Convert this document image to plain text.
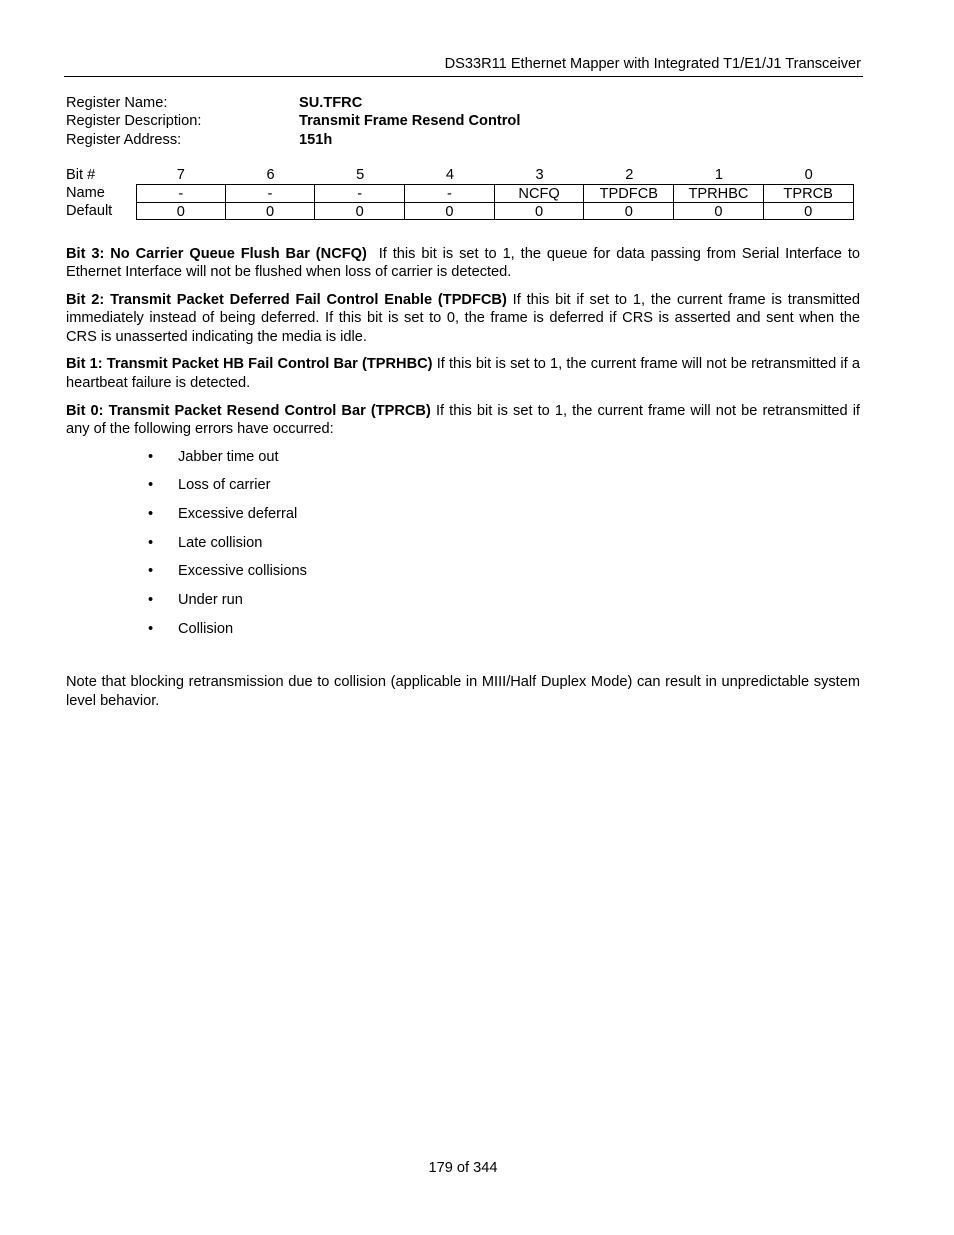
DS33R11 Ethernet Mapper with Integrated T1/E1/J1 Transceiver
Register Name:	SU.TFRC
Register Description:	Transmit Frame Resend Control
Register Address:	151h
Bit #	7	6	5	4	3	2	1	0
Name	-	-	-	-	NCFQ	TPDFCB	TPRHBC	TPRCB
Default	0	0	0	0	0	0	0	0

Bit 3: No Carrier Queue Flush Bar (NCFQ) If this bit is set to 1, the queue for data passing from Serial Interface to Ethernet Interface will not be flushed when loss of carrier is detected.

Bit 2: Transmit Packet Deferred Fail Control Enable (TPDFCB) If this bit if set to 1, the current frame is transmitted immediately instead of being deferred. If this bit is set to 0, the frame is deferred if CRS is asserted and sent when the CRS is unasserted indicating the media is idle.

Bit 1: Transmit Packet HB Fail Control Bar (TPRHBC) If this bit is set to 1, the current frame will not be retransmitted if a heartbeat failure is detected.

Bit 0: Transmit Packet Resend Control Bar (TPRCB) If this bit is set to 1, the current frame will not be retransmitted if any of the following errors have occurred:

• Jabber time out
• Loss of carrier
• Excessive deferral
• Late collision
• Excessive collisions
• Under run
• Collision

Note that blocking retransmission due to collision (applicable in MIII/Half Duplex Mode) can result in unpredictable system level behavior.

179 of 344
